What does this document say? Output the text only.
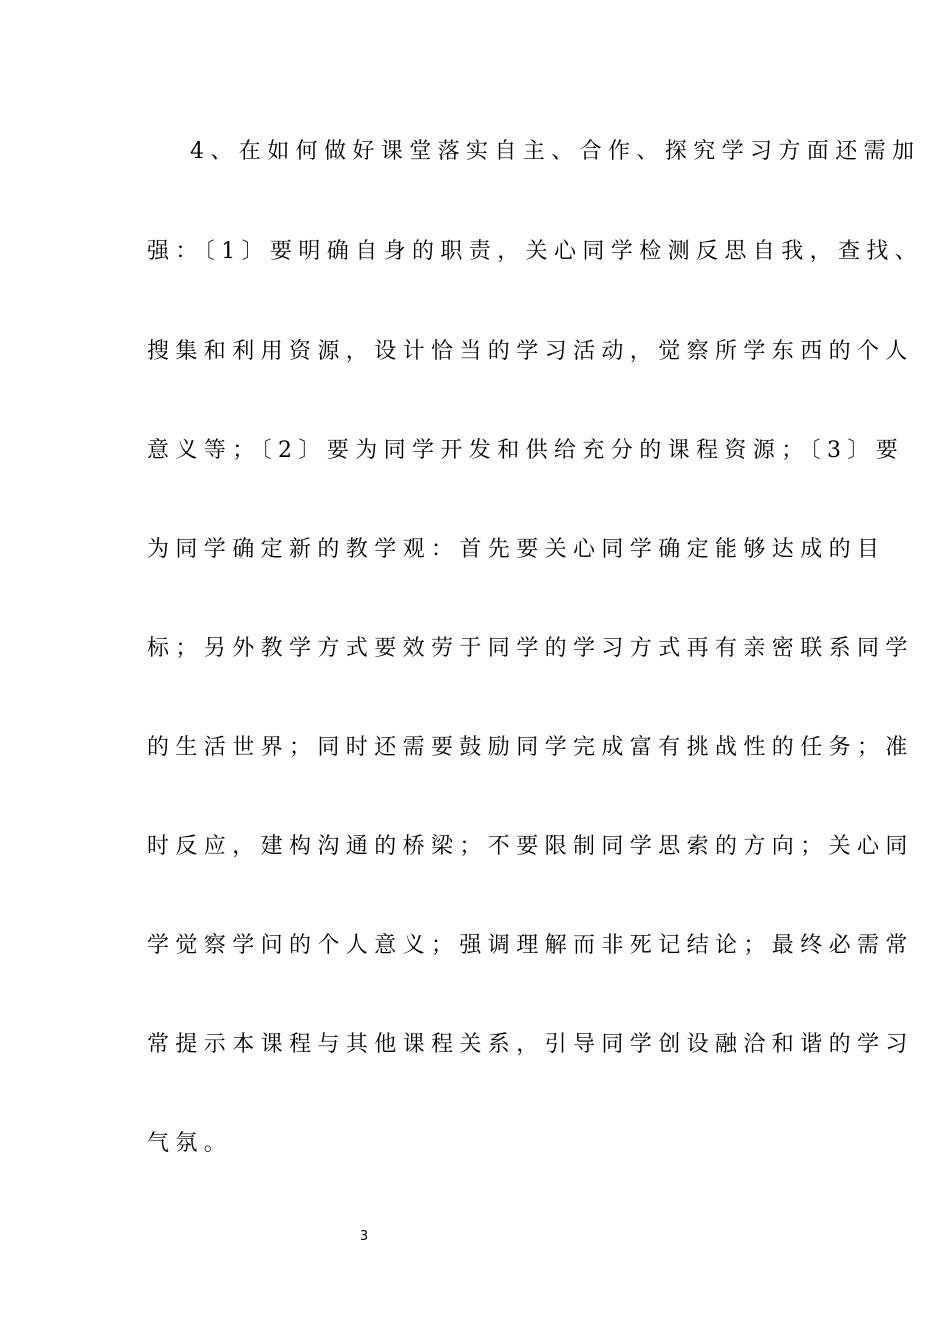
4、在如何做好课堂落实自主、合作、探究学习方面还需加
强：〔1〕要明确自身的职责，关心同学检测反思自我，查找、
搜集和利用资源，设计恰当的学习活动，觉察所学东西的个人
意义等；〔2〕要为同学开发和供给充分的课程资源；〔3〕要
为同学确定新的教学观：首先要关心同学确定能够达成的目
标；另外教学方式要效劳于同学的学习方式再有亲密联系同学
的生活世界；同时还需要鼓励同学完成富有挑战性的任务；准
时反应，建构沟通的桥梁；不要限制同学思索的方向；关心同
学觉察学问的个人意义；强调理解而非死记结论；最终必需常
常提示本课程与其他课程关系，引导同学创设融洽和谐的学习
气氛。
3
